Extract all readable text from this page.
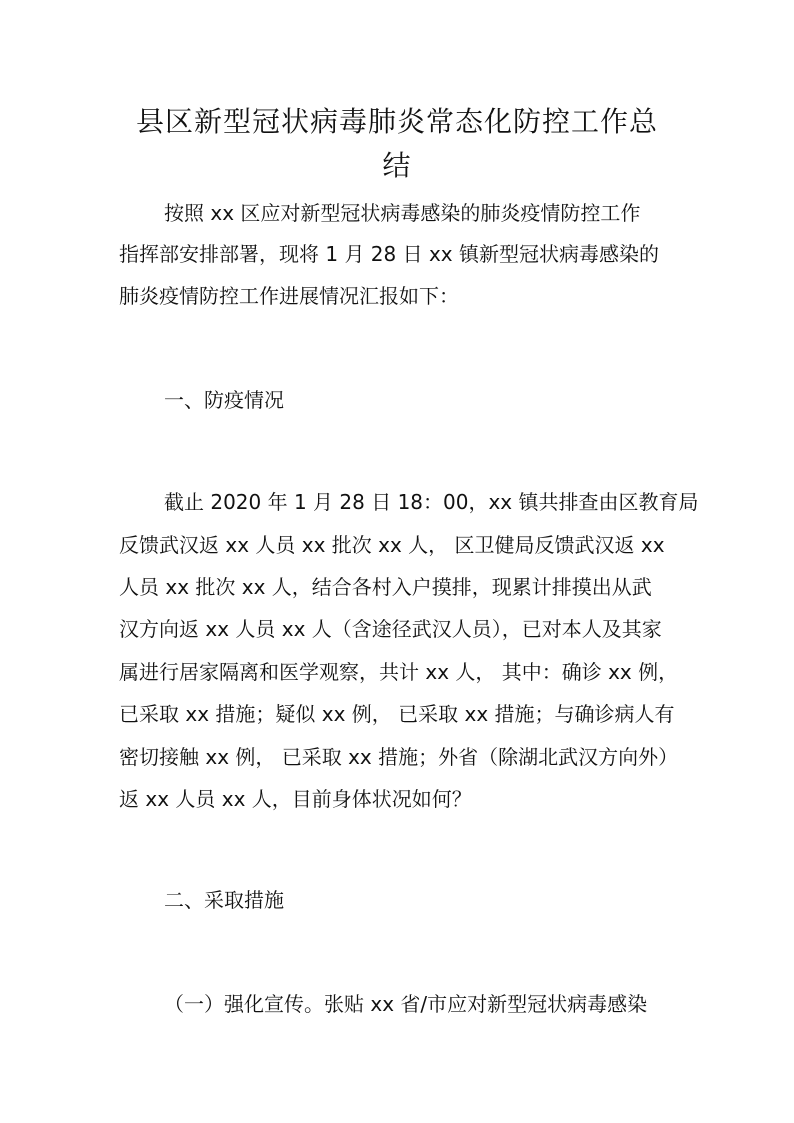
县区新型冠状病毒肺炎常态化防控工作总
结

按照 xx 区应对新型冠状病毒感染的肺炎疫情防控工作

指挥部安排部署，现将 1 月 28 日 xx 镇新型冠状病毒感染的

肺炎疫情防控工作进展情况汇报如下：

一、防疫情况

截止 2020 年 1 月 28 日 18：00，xx 镇共排查由区教育局

反馈武汉返 xx 人员 xx 批次 xx 人， 区卫健局反馈武汉返 xx

人员 xx 批次 xx 人，结合各村入户摸排，现累计排摸出从武

汉方向返 xx 人员 xx 人（含途径武汉人员），已对本人及其家

属进行居家隔离和医学观察，共计 xx 人， 其中：确诊 xx 例，

已采取 xx 措施；疑似 xx 例， 已采取 xx 措施；与确诊病人有

密切接触 xx 例， 已采取 xx 措施；外省（除湖北武汉方向外）

返 xx 人员 xx 人，目前身体状况如何？

二、采取措施

（一）强化宣传。张贴 xx 省/市应对新型冠状病毒感染
